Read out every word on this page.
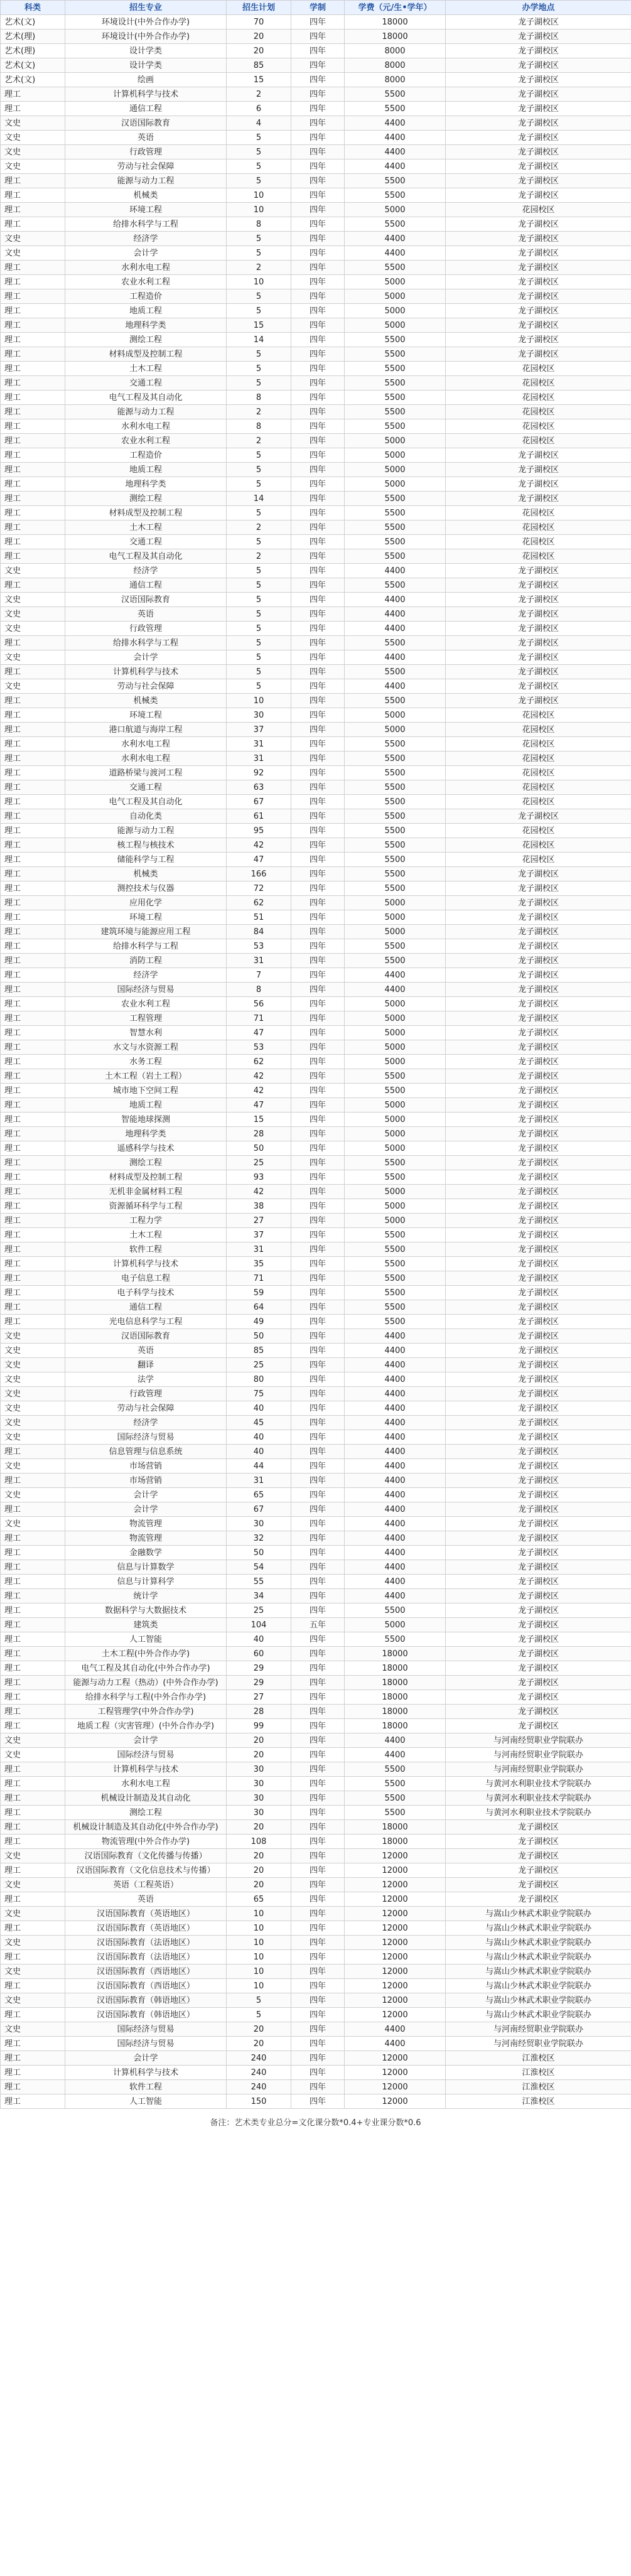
科类	招生专业	招生计划	学制	学费（元/生•学年）	办学地点
艺术(文)	环境设计(中外合作办学)	70	四年	18000	龙子湖校区
艺术(理)	环境设计(中外合作办学)	20	四年	18000	龙子湖校区
艺术(理)	设计学类	20	四年	8000	龙子湖校区
艺术(文)	设计学类	85	四年	8000	龙子湖校区
艺术(文)	绘画	15	四年	8000	龙子湖校区
理工	计算机科学与技术	2	四年	5500	龙子湖校区
理工	通信工程	6	四年	5500	龙子湖校区
文史	汉语国际教育	4	四年	4400	龙子湖校区
文史	英语	5	四年	4400	龙子湖校区
文史	行政管理	5	四年	4400	龙子湖校区
文史	劳动与社会保障	5	四年	4400	龙子湖校区
理工	能源与动力工程	5	四年	5500	龙子湖校区
理工	机械类	10	四年	5500	龙子湖校区
理工	环境工程	10	四年	5000	花园校区
理工	给排水科学与工程	8	四年	5500	龙子湖校区
文史	经济学	5	四年	4400	龙子湖校区
文史	会计学	5	四年	4400	龙子湖校区
理工	水利水电工程	2	四年	5500	龙子湖校区
理工	农业水利工程	10	四年	5000	龙子湖校区
理工	工程造价	5	四年	5000	龙子湖校区
理工	地质工程	5	四年	5000	龙子湖校区
理工	地理科学类	15	四年	5000	龙子湖校区
理工	测绘工程	14	四年	5500	龙子湖校区
理工	材料成型及控制工程	5	四年	5500	龙子湖校区
理工	土木工程	5	四年	5500	花园校区
理工	交通工程	5	四年	5500	花园校区
理工	电气工程及其自动化	8	四年	5500	花园校区
理工	能源与动力工程	2	四年	5500	花园校区
理工	水利水电工程	8	四年	5500	花园校区
理工	农业水利工程	2	四年	5000	花园校区
理工	工程造价	5	四年	5000	龙子湖校区
理工	地质工程	5	四年	5000	龙子湖校区
理工	地理科学类	5	四年	5000	龙子湖校区
理工	测绘工程	14	四年	5500	龙子湖校区
理工	材料成型及控制工程	5	四年	5500	花园校区
理工	土木工程	2	四年	5500	花园校区
理工	交通工程	5	四年	5500	花园校区
理工	电气工程及其自动化	2	四年	5500	花园校区
文史	经济学	5	四年	4400	龙子湖校区
理工	通信工程	5	四年	5500	龙子湖校区
文史	汉语国际教育	5	四年	4400	龙子湖校区
文史	英语	5	四年	4400	龙子湖校区
文史	行政管理	5	四年	4400	龙子湖校区
理工	给排水科学与工程	5	四年	5500	龙子湖校区
文史	会计学	5	四年	4400	龙子湖校区
理工	计算机科学与技术	5	四年	5500	龙子湖校区
文史	劳动与社会保障	5	四年	4400	龙子湖校区
理工	机械类	10	四年	5500	龙子湖校区
理工	环境工程	30	四年	5000	花园校区
理工	港口航道与海岸工程	37	四年	5000	花园校区
理工	水利水电工程	31	四年	5500	花园校区
理工	水利水电工程	31	四年	5500	花园校区
理工	道路桥梁与渡河工程	92	四年	5500	花园校区
理工	交通工程	63	四年	5500	花园校区
理工	电气工程及其自动化	67	四年	5500	花园校区
理工	自动化类	61	四年	5500	龙子湖校区
理工	能源与动力工程	95	四年	5500	花园校区
理工	核工程与核技术	42	四年	5500	花园校区
理工	储能科学与工程	47	四年	5500	花园校区
理工	机械类	166	四年	5500	龙子湖校区
理工	测控技术与仪器	72	四年	5500	龙子湖校区
理工	应用化学	62	四年	5000	龙子湖校区
理工	环境工程	51	四年	5000	龙子湖校区
理工	建筑环境与能源应用工程	84	四年	5000	龙子湖校区
理工	给排水科学与工程	53	四年	5500	龙子湖校区
理工	消防工程	31	四年	5500	龙子湖校区
理工	经济学	7	四年	4400	龙子湖校区
理工	国际经济与贸易	8	四年	4400	龙子湖校区
理工	农业水利工程	56	四年	5000	龙子湖校区
理工	工程管理	71	四年	5000	龙子湖校区
理工	智慧水利	47	四年	5000	龙子湖校区
理工	水文与水资源工程	53	四年	5000	龙子湖校区
理工	水务工程	62	四年	5000	龙子湖校区
理工	土木工程（岩土工程）	42	四年	5500	龙子湖校区
理工	城市地下空间工程	42	四年	5500	龙子湖校区
理工	地质工程	47	四年	5000	龙子湖校区
理工	智能地球探测	15	四年	5000	龙子湖校区
理工	地理科学类	28	四年	5000	龙子湖校区
理工	遥感科学与技术	50	四年	5000	龙子湖校区
理工	测绘工程	25	四年	5500	龙子湖校区
理工	材料成型及控制工程	93	四年	5500	龙子湖校区
理工	无机非金属材料工程	42	四年	5000	龙子湖校区
理工	资源循环科学与工程	38	四年	5000	龙子湖校区
理工	工程力学	27	四年	5000	龙子湖校区
理工	土木工程	37	四年	5500	龙子湖校区
理工	软件工程	31	四年	5500	龙子湖校区
理工	计算机科学与技术	35	四年	5500	龙子湖校区
理工	电子信息工程	71	四年	5500	龙子湖校区
理工	电子科学与技术	59	四年	5500	龙子湖校区
理工	通信工程	64	四年	5500	龙子湖校区
理工	光电信息科学与工程	49	四年	5500	龙子湖校区
文史	汉语国际教育	50	四年	4400	龙子湖校区
文史	英语	85	四年	4400	龙子湖校区
文史	翻译	25	四年	4400	龙子湖校区
文史	法学	80	四年	4400	龙子湖校区
文史	行政管理	75	四年	4400	龙子湖校区
文史	劳动与社会保障	40	四年	4400	龙子湖校区
文史	经济学	45	四年	4400	龙子湖校区
文史	国际经济与贸易	40	四年	4400	龙子湖校区
理工	信息管理与信息系统	40	四年	4400	龙子湖校区
文史	市场营销	44	四年	4400	龙子湖校区
理工	市场营销	31	四年	4400	龙子湖校区
文史	会计学	65	四年	4400	龙子湖校区
理工	会计学	67	四年	4400	龙子湖校区
文史	物流管理	30	四年	4400	龙子湖校区
理工	物流管理	32	四年	4400	龙子湖校区
理工	金融数学	50	四年	4400	龙子湖校区
理工	信息与计算数学	54	四年	4400	龙子湖校区
理工	信息与计算科学	55	四年	4400	龙子湖校区
理工	统计学	34	四年	4400	龙子湖校区
理工	数据科学与大数据技术	25	四年	5500	龙子湖校区
理工	建筑类	104	五年	5000	龙子湖校区
理工	人工智能	40	四年	5500	龙子湖校区
理工	土木工程(中外合作办学)	60	四年	18000	龙子湖校区
理工	电气工程及其自动化(中外合作办学)	29	四年	18000	龙子湖校区
理工	能源与动力工程（热动）(中外合作办学)	29	四年	18000	龙子湖校区
理工	给排水科学与工程(中外合作办学)	27	四年	18000	龙子湖校区
理工	工程管理学(中外合作办学)	28	四年	18000	龙子湖校区
理工	地质工程（灾害管理）(中外合作办学)	99	四年	18000	龙子湖校区
文史	会计学	20	四年	4400	与河南经贸职业学院联办
文史	国际经济与贸易	20	四年	4400	与河南经贸职业学院联办
理工	计算机科学与技术	30	四年	5500	与河南经贸职业学院联办
理工	水利水电工程	30	四年	5500	与黄河水利职业技术学院联办
理工	机械设计制造及其自动化	30	四年	5500	与黄河水利职业技术学院联办
理工	测绘工程	30	四年	5500	与黄河水利职业技术学院联办
理工	机械设计制造及其自动化(中外合作办学)	20	四年	18000	龙子湖校区
理工	物流管理(中外合作办学)	108	四年	18000	龙子湖校区
文史	汉语国际教育（文化传播与传播）	20	四年	12000	龙子湖校区
理工	汉语国际教育（文化信息技术与传播）	20	四年	12000	龙子湖校区
文史	英语（工程英语）	20	四年	12000	龙子湖校区
理工	英语	65	四年	12000	龙子湖校区
文史	汉语国际教育（英语地区）	10	四年	12000	与嵩山少林武术职业学院联办
理工	汉语国际教育（英语地区）	10	四年	12000	与嵩山少林武术职业学院联办
文史	汉语国际教育（法语地区）	10	四年	12000	与嵩山少林武术职业学院联办
理工	汉语国际教育（法语地区）	10	四年	12000	与嵩山少林武术职业学院联办
文史	汉语国际教育（西语地区）	10	四年	12000	与嵩山少林武术职业学院联办
理工	汉语国际教育（西语地区）	10	四年	12000	与嵩山少林武术职业学院联办
文史	汉语国际教育（韩语地区）	5	四年	12000	与嵩山少林武术职业学院联办
理工	汉语国际教育（韩语地区）	5	四年	12000	与嵩山少林武术职业学院联办
文史	国际经济与贸易	20	四年	4400	与河南经贸职业学院联办
理工	国际经济与贸易	20	四年	4400	与河南经贸职业学院联办
理工	会计学	240	四年	12000	江淮校区
理工	计算机科学与技术	240	四年	12000	江淮校区
理工	软件工程	240	四年	12000	江淮校区
理工	人工智能	150	四年	12000	江淮校区
备注：艺术类专业总分=文化课分数*0.4+专业课分数*0.6
